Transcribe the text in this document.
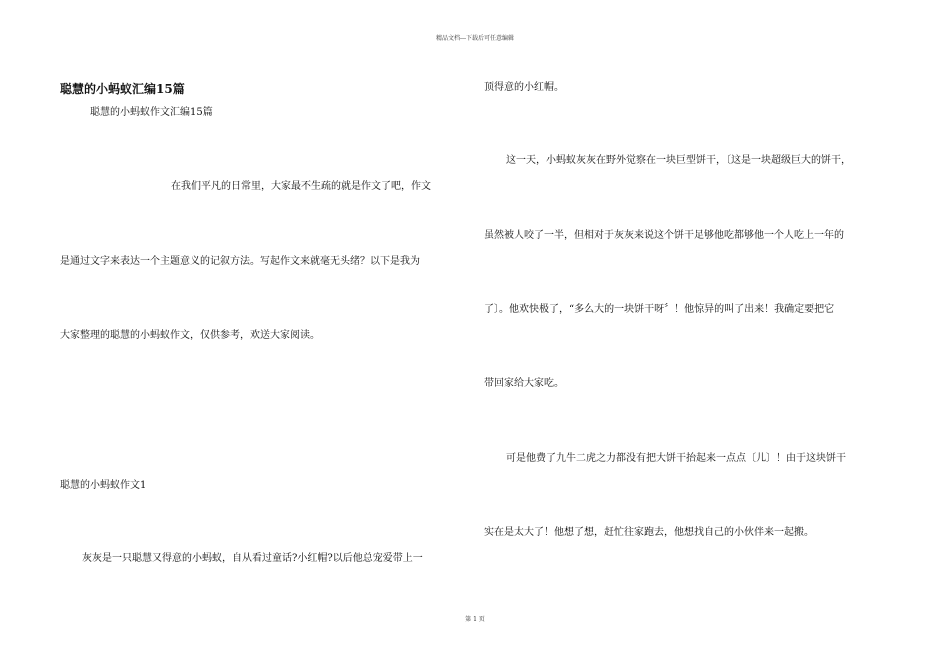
精品文档---下载后可任意编辑
聪慧的小蚂蚁汇编15篇
聪慧的小蚂蚁作文汇编15篇
在我们平凡的日常里，大家最不生疏的就是作文了吧，作文
是通过文字来表达一个主题意义的记叙方法。写起作文来就毫无头绪？以下是我为
大家整理的聪慧的小蚂蚁作文，仅供参考，欢送大家阅读。
聪慧的小蚂蚁作文1
灰灰是一只聪慧又得意的小蚂蚁，自从看过童话?小红帽?以后他总宠爱带上一
顶得意的小红帽。
这一天，小蚂蚁灰灰在野外觉察在一块巨型饼干，〔这是一块超级巨大的饼干，
虽然被人咬了一半，但相对于灰灰来说这个饼干足够他吃都够他一个人吃上一年的
了〕。他欢快极了，“多么大的一块饼干呀〞！他惊异的叫了出来！我确定要把它
带回家给大家吃。
可是他费了九牛二虎之力都没有把大饼干抬起来一点点〔儿〕！由于这块饼干
实在是太大了！他想了想，赶忙往家跑去，他想找自己的小伙伴来一起搬。
第 1 页
